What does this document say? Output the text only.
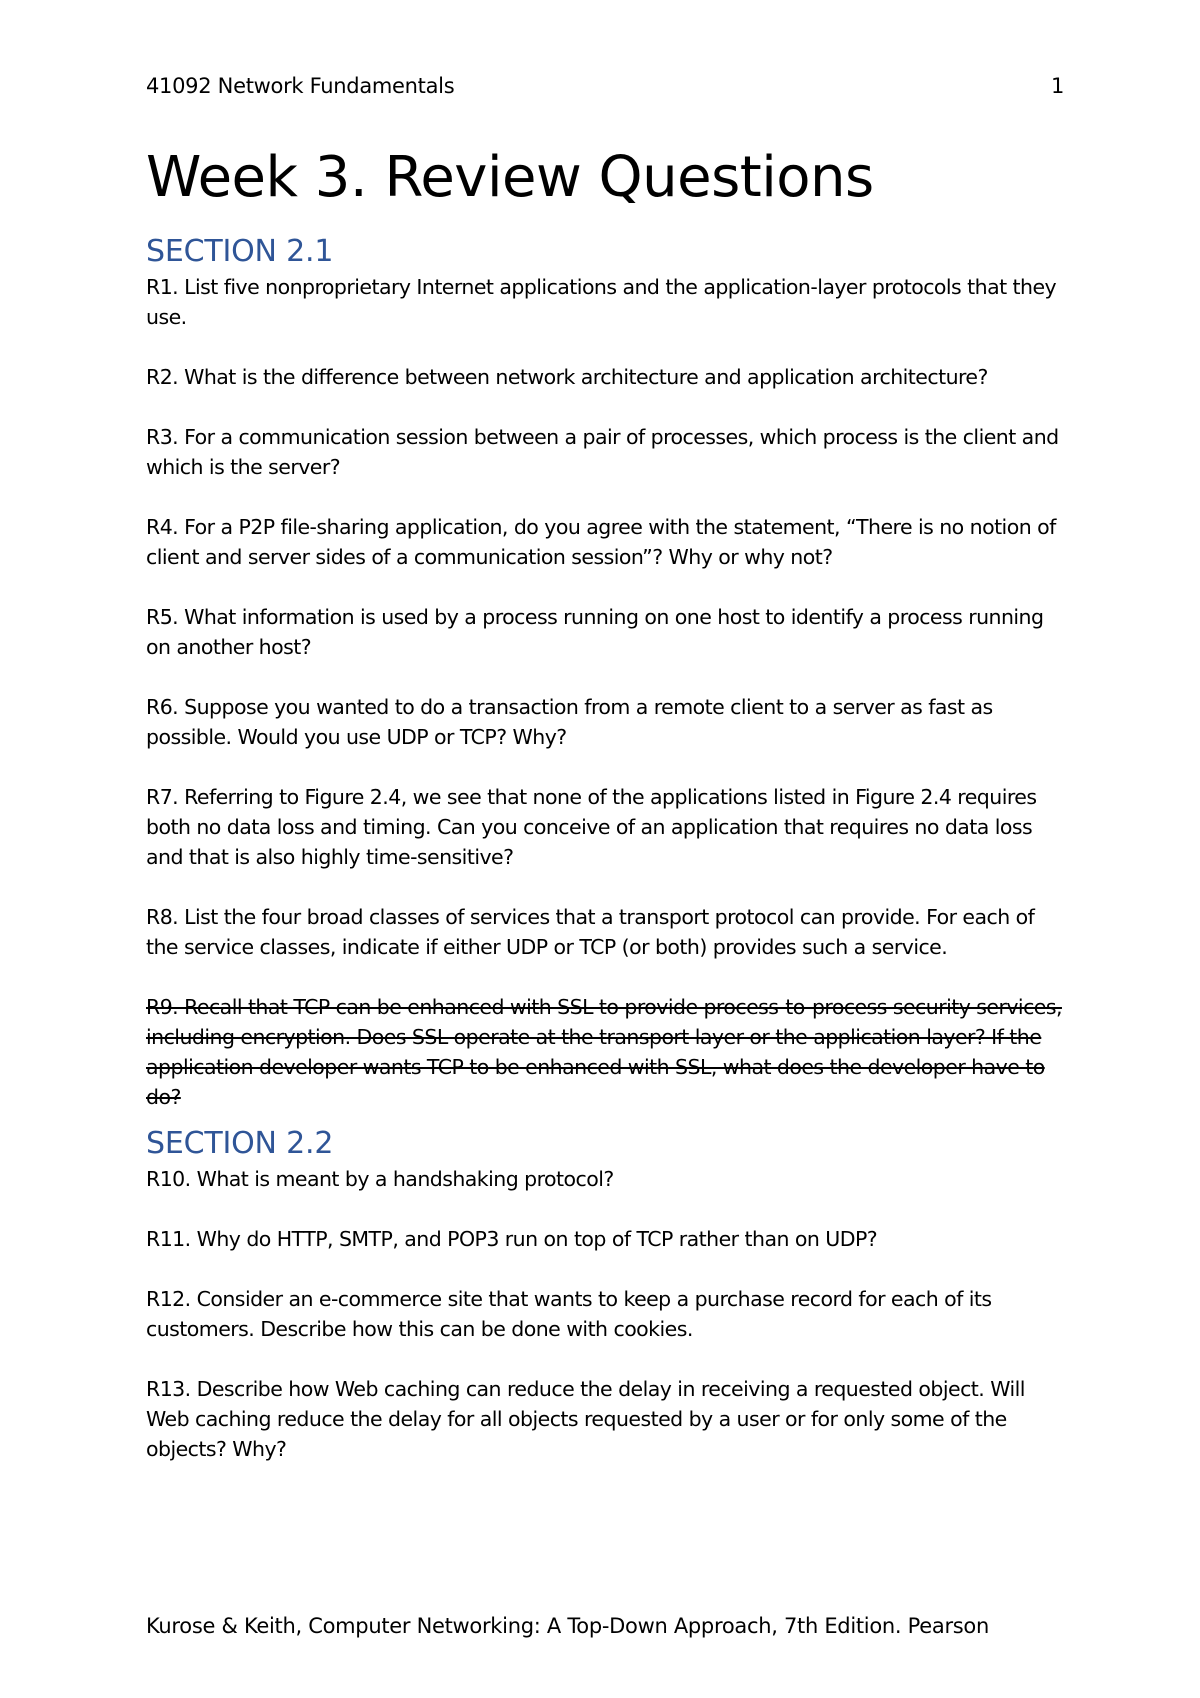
41092 Network Fundamentals	1
Week 3. Review Questions
SECTION 2.1

R1. List five nonproprietary Internet applications and the application-layer protocols that they use.

R2. What is the difference between network architecture and application architecture?

R3. For a communication session between a pair of processes, which process is the client and which is the server?

R4. For a P2P file-sharing application, do you agree with the statement, “There is no notion of client and server sides of a communication session”? Why or why not?

R5. What information is used by a process running on one host to identify a process running on another host?

R6. Suppose you wanted to do a transaction from a remote client to a server as fast as possible. Would you use UDP or TCP? Why?

R7. Referring to Figure 2.4, we see that none of the applications listed in Figure 2.4 requires both no data loss and timing. Can you conceive of an application that requires no data loss and that is also highly time-sensitive?

R8. List the four broad classes of services that a transport protocol can provide. For each of the service classes, indicate if either UDP or TCP (or both) provides such a service.

R9. Recall that TCP can be enhanced with SSL to provide process-to-process security services, including encryption. Does SSL operate at the transport layer or the application layer? If the application developer wants TCP to be enhanced with SSL, what does the developer have to do?

SECTION 2.2

R10. What is meant by a handshaking protocol?

R11. Why do HTTP, SMTP, and POP3 run on top of TCP rather than on UDP?

R12. Consider an e-commerce site that wants to keep a purchase record for each of its customers. Describe how this can be done with cookies.

R13. Describe how Web caching can reduce the delay in receiving a requested object. Will Web caching reduce the delay for all objects requested by a user or for only some of the objects? Why?

Kurose & Keith, Computer Networking: A Top-Down Approach, 7th Edition. Pearson
